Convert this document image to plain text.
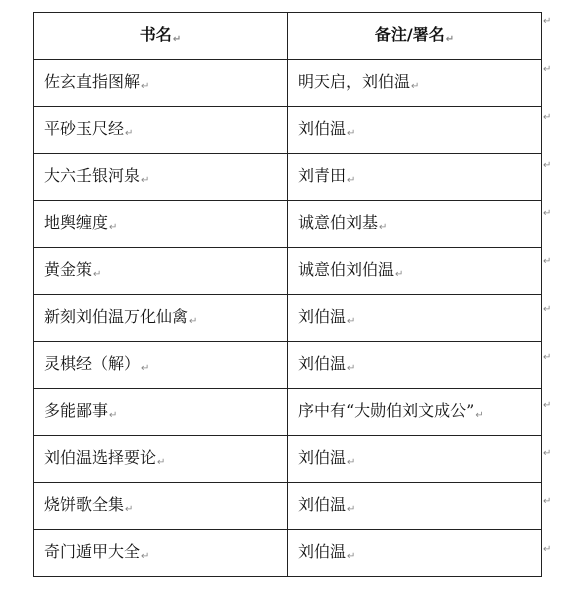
书名↵	备注/署名↵
佐玄直指图解↵	明天启，刘伯温↵
平砂玉尺经↵	刘伯温↵
大六壬银河泉↵	刘青田↵
地舆缠度↵	诚意伯刘基↵
黄金策↵	诚意伯刘伯温↵
新刻刘伯温万化仙禽↵	刘伯温↵
灵棋经（解）↵	刘伯温↵
多能鄙事↵	序中有“大勋伯刘文成公”↵
刘伯温选择要论↵	刘伯温↵
烧饼歌全集↵	刘伯温↵
奇门遁甲大全↵	刘伯温↵
↵
↵
↵
↵
↵
↵
↵
↵
↵
↵
↵
↵
